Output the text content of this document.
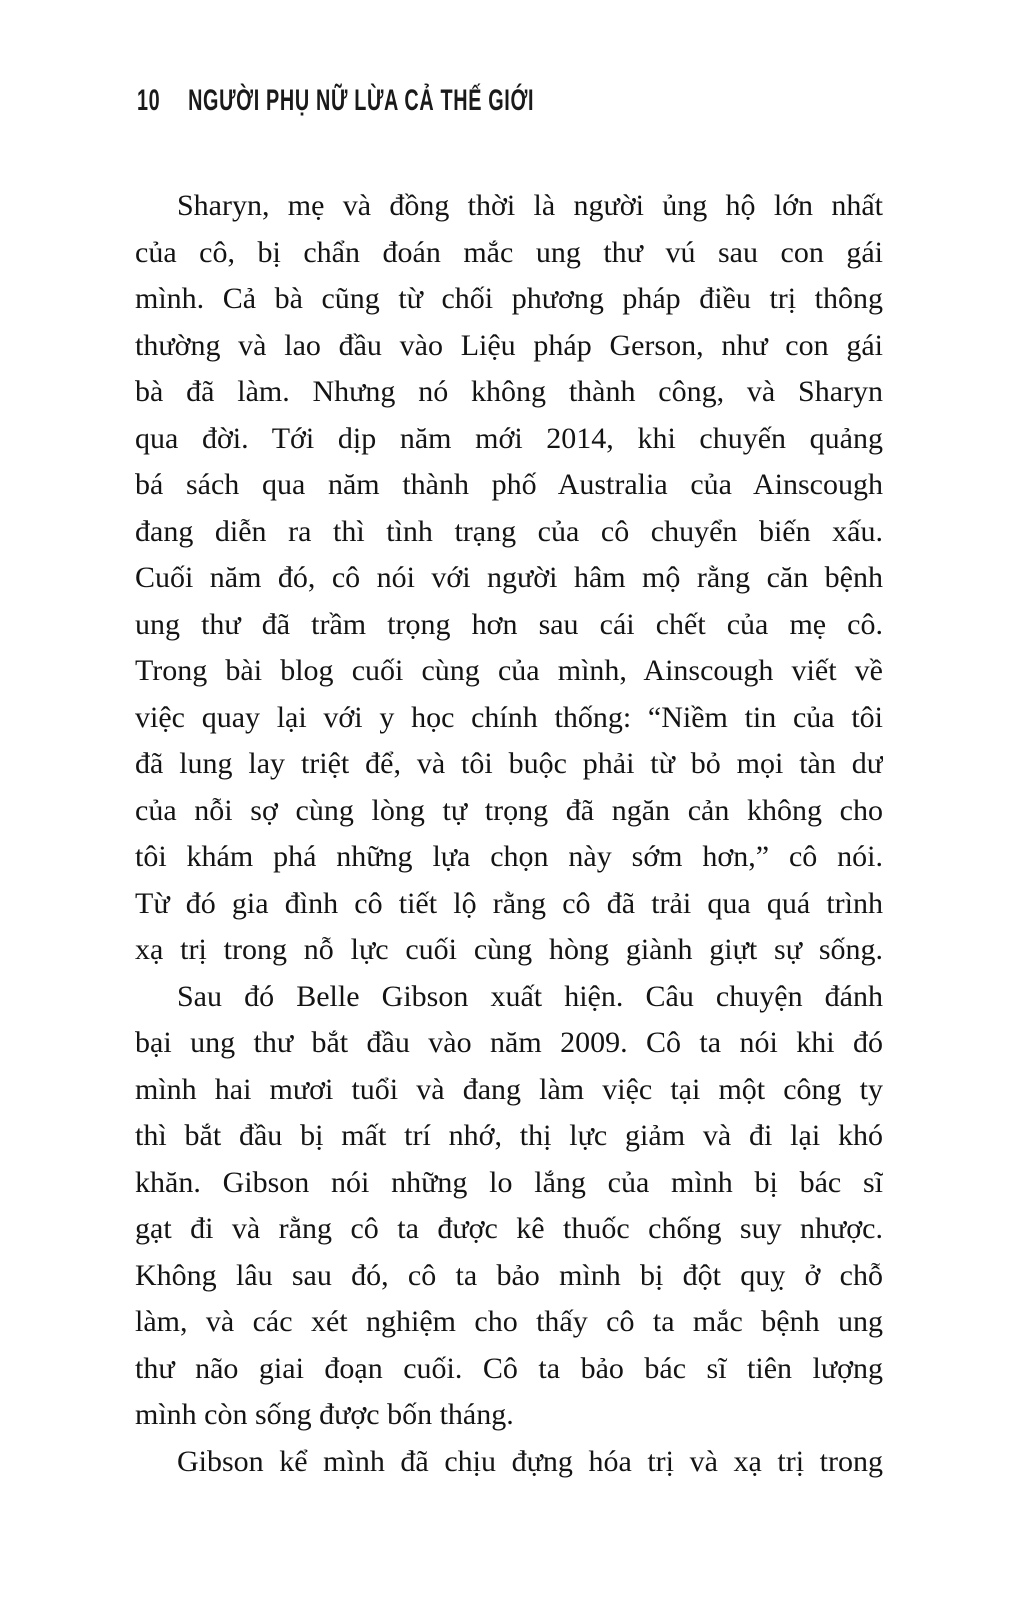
10 NGƯỜI PHỤ NỮ LỪA CẢ THẾ GIỚI
Sharyn, mẹ và đồng thời là người ủng hộ lớn nhất
của cô, bị chẩn đoán mắc ung thư vú sau con gái
mình. Cả bà cũng từ chối phương pháp điều trị thông
thường và lao đầu vào Liệu pháp Gerson, như con gái
bà đã làm. Nhưng nó không thành công, và Sharyn
qua đời. Tới dịp năm mới 2014, khi chuyến quảng
bá sách qua năm thành phố Australia của Ainscough
đang diễn ra thì tình trạng của cô chuyển biến xấu.
Cuối năm đó, cô nói với người hâm mộ rằng căn bệnh
ung thư đã trầm trọng hơn sau cái chết của mẹ cô.
Trong bài blog cuối cùng của mình, Ainscough viết về
việc quay lại với y học chính thống: “Niềm tin của tôi
đã lung lay triệt để, và tôi buộc phải từ bỏ mọi tàn dư
của nỗi sợ cùng lòng tự trọng đã ngăn cản không cho
tôi khám phá những lựa chọn này sớm hơn,” cô nói.
Từ đó gia đình cô tiết lộ rằng cô đã trải qua quá trình
xạ trị trong nỗ lực cuối cùng hòng giành giựt sự sống.
Sau đó Belle Gibson xuất hiện. Câu chuyện đánh
bại ung thư bắt đầu vào năm 2009. Cô ta nói khi đó
mình hai mươi tuổi và đang làm việc tại một công ty
thì bắt đầu bị mất trí nhớ, thị lực giảm và đi lại khó
khăn. Gibson nói những lo lắng của mình bị bác sĩ
gạt đi và rằng cô ta được kê thuốc chống suy nhược.
Không lâu sau đó, cô ta bảo mình bị đột quỵ ở chỗ
làm, và các xét nghiệm cho thấy cô ta mắc bệnh ung
thư não giai đoạn cuối. Cô ta bảo bác sĩ tiên lượng
mình còn sống được bốn tháng.
Gibson kể mình đã chịu đựng hóa trị và xạ trị trong
